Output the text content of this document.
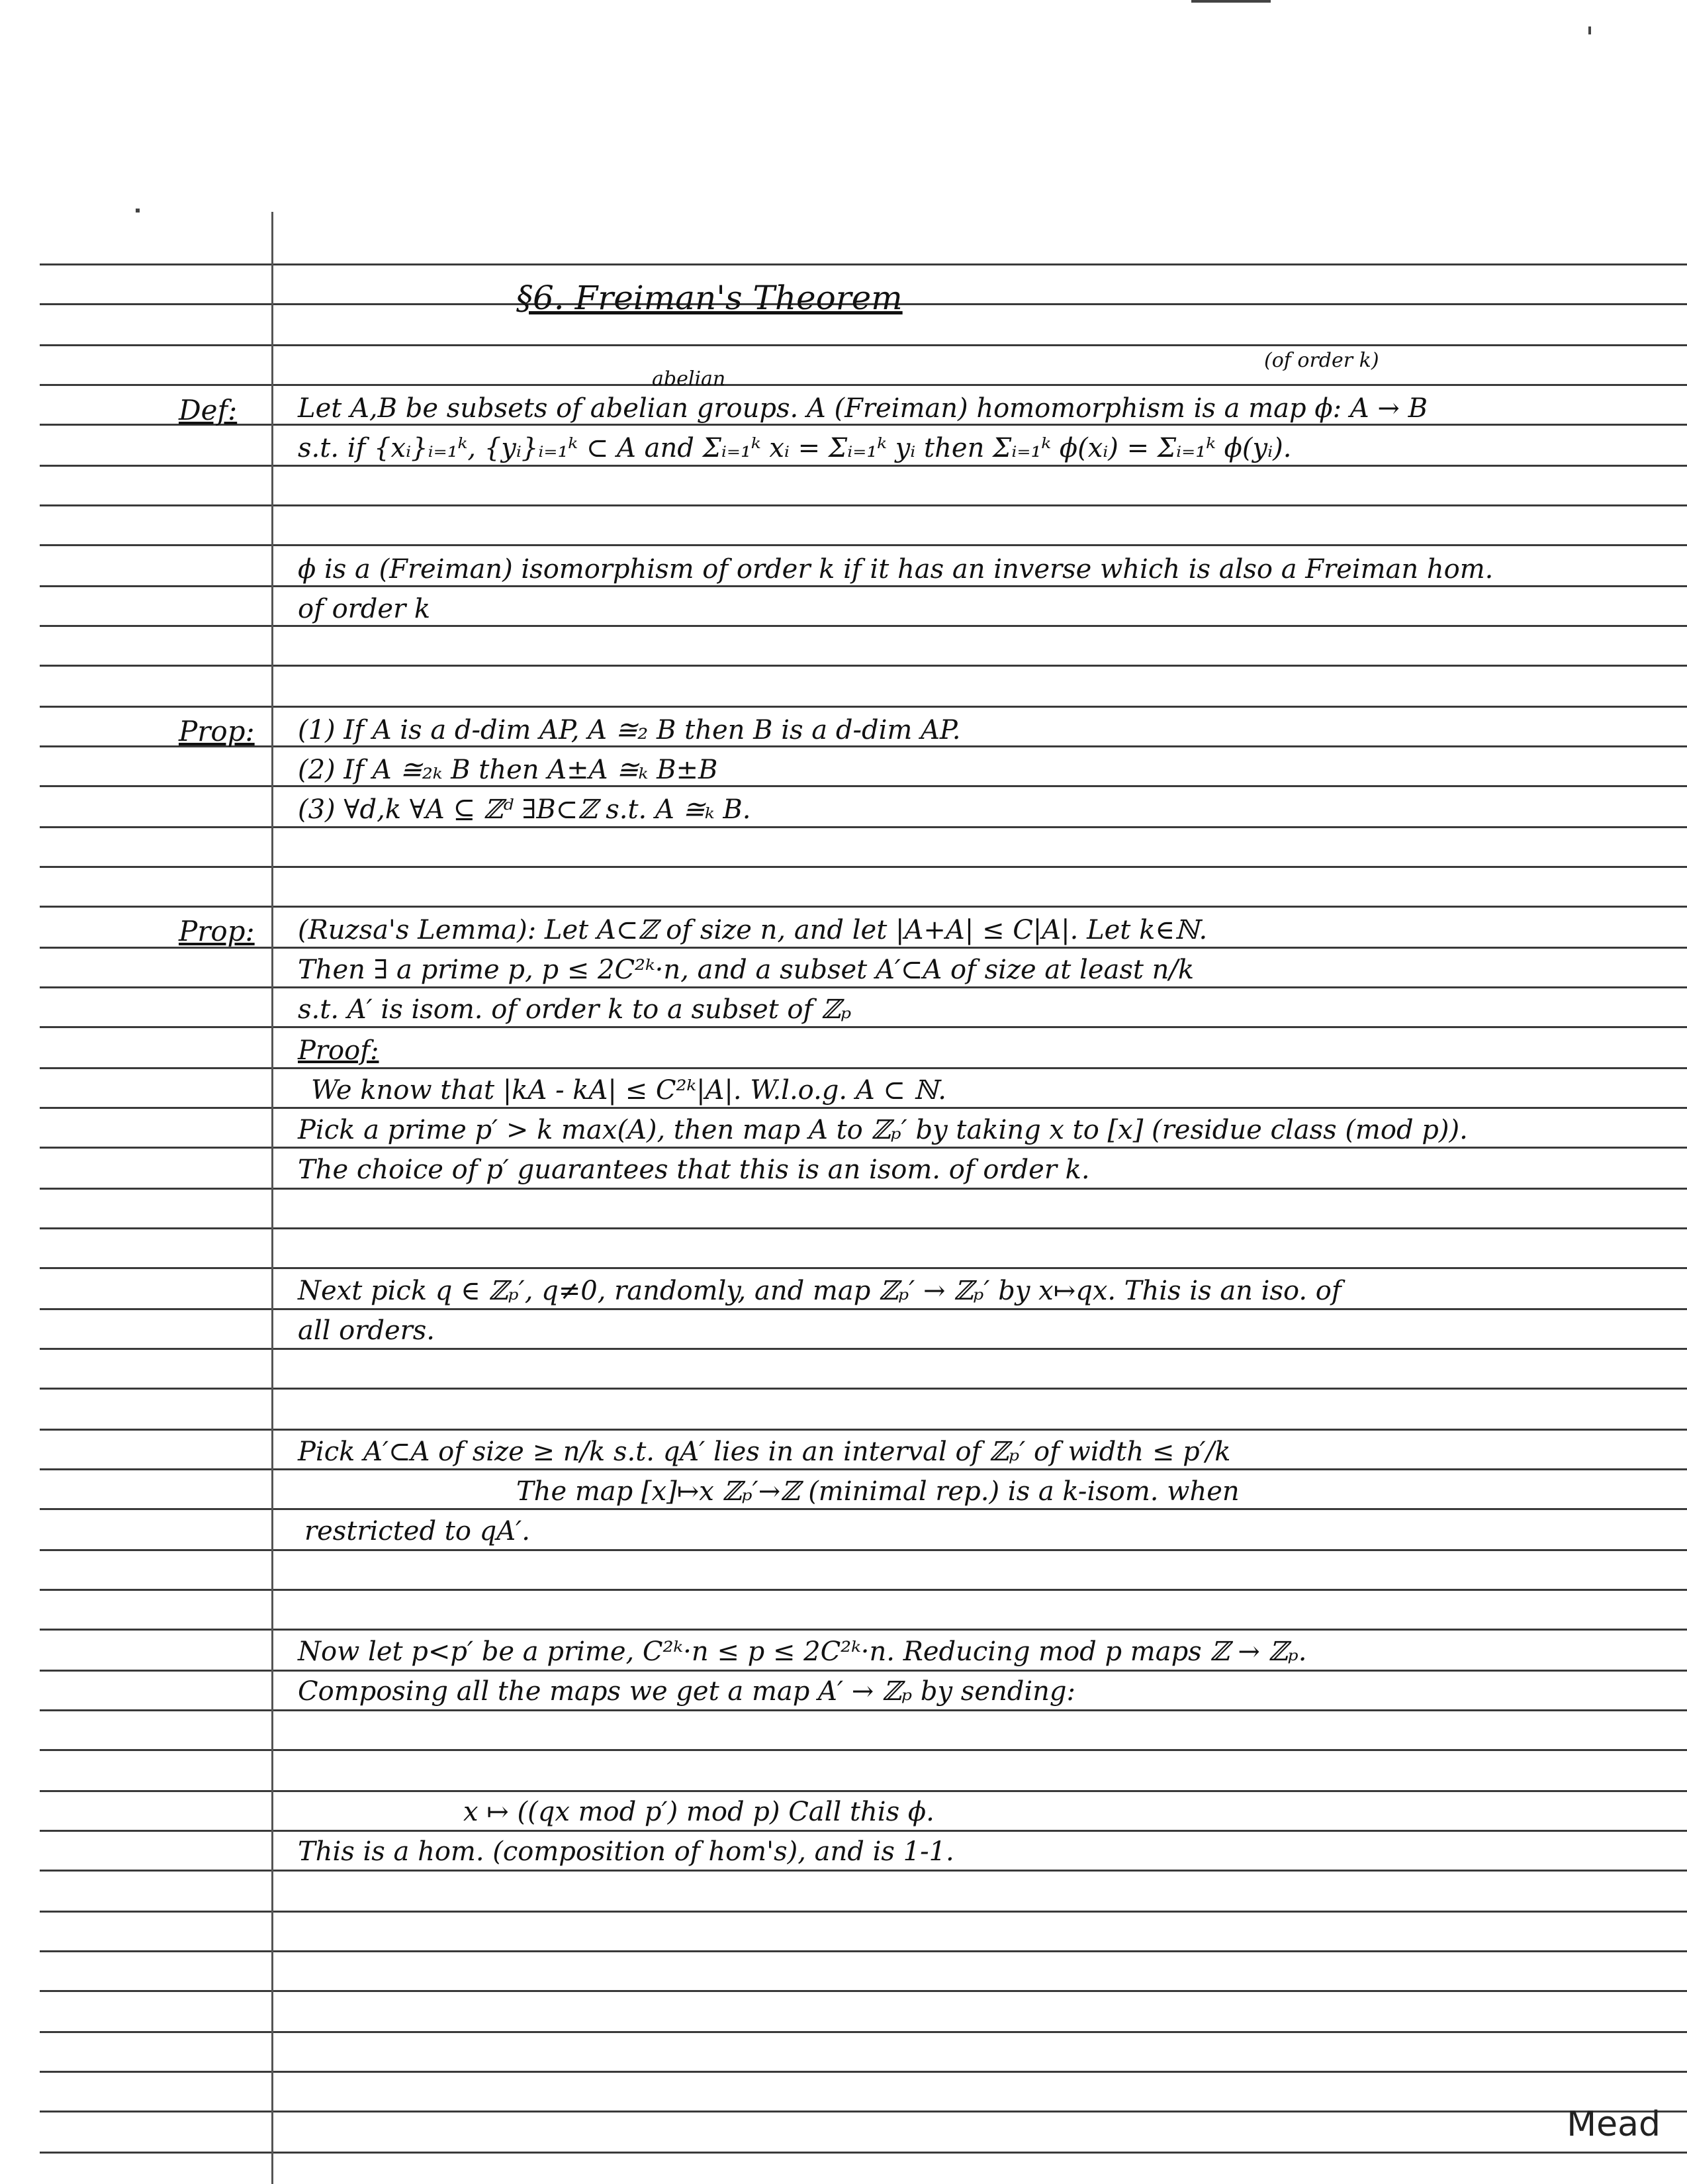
§6. Freiman's Theorem
Def:
abelian
(of order k)
Let A,B be subsets of abelian groups. A (Freiman) homomorphism is a map ϕ: A → B
s.t. if {xᵢ}ᵢ₌₁ᵏ, {yᵢ}ᵢ₌₁ᵏ ⊂ A and Σᵢ₌₁ᵏ xᵢ = Σᵢ₌₁ᵏ yᵢ then Σᵢ₌₁ᵏ ϕ(xᵢ) = Σᵢ₌₁ᵏ ϕ(yᵢ).
ϕ is a (Freiman) isomorphism of order k if it has an inverse which is also a Freiman hom.
of order k
Prop: (1) If A is a d-dim AP, A ≅₂ B then B is a d-dim AP.
(2) If A ≅₂ₖ B then A±A ≅ₖ B±B
(3) ∀d,k ∀A ⊆ ℤᵈ ∃B⊂ℤ s.t. A ≅ₖ B.
Prop: (Ruzsa's Lemma): Let A⊂ℤ of size n, and let |A+A| ≤ C|A|. Let k∈ℕ.
Then ∃ a prime p, p ≤ 2C²ᵏ·n, and a subset A′⊂A of size at least n/k
s.t. A′ is isom. of order k to a subset of ℤₚ
Proof:
We know that |kA - kA| ≤ C²ᵏ|A|. W.l.o.g. A ⊂ ℕ.
Pick a prime p′ > k max(A), then map A to ℤₚ′ by taking x to [x] (residue class (mod p)).
The choice of p′ guarantees that this is an isom. of order k.
Next pick q ∈ ℤₚ′, q≠0, randomly, and map ℤₚ′ → ℤₚ′ by x↦qx. This is an iso. of
all orders.
Pick A′⊂A of size ≥ n/k s.t. qA′ lies in an interval of ℤₚ′ of width ≤ p′/k
The map [x]↦x ℤₚ′→ℤ (minimal rep.) is a k-isom. when
restricted to qA′.
Now let p<p′ be a prime, C²ᵏ·n ≤ p ≤ 2C²ᵏ·n. Reducing mod p maps ℤ → ℤₚ.
Composing all the maps we get a map A′ → ℤₚ by sending:
x ↦ ((qx mod p′) mod p) Call this ϕ.
This is a hom. (composition of hom's), and is 1-1.
Mead
